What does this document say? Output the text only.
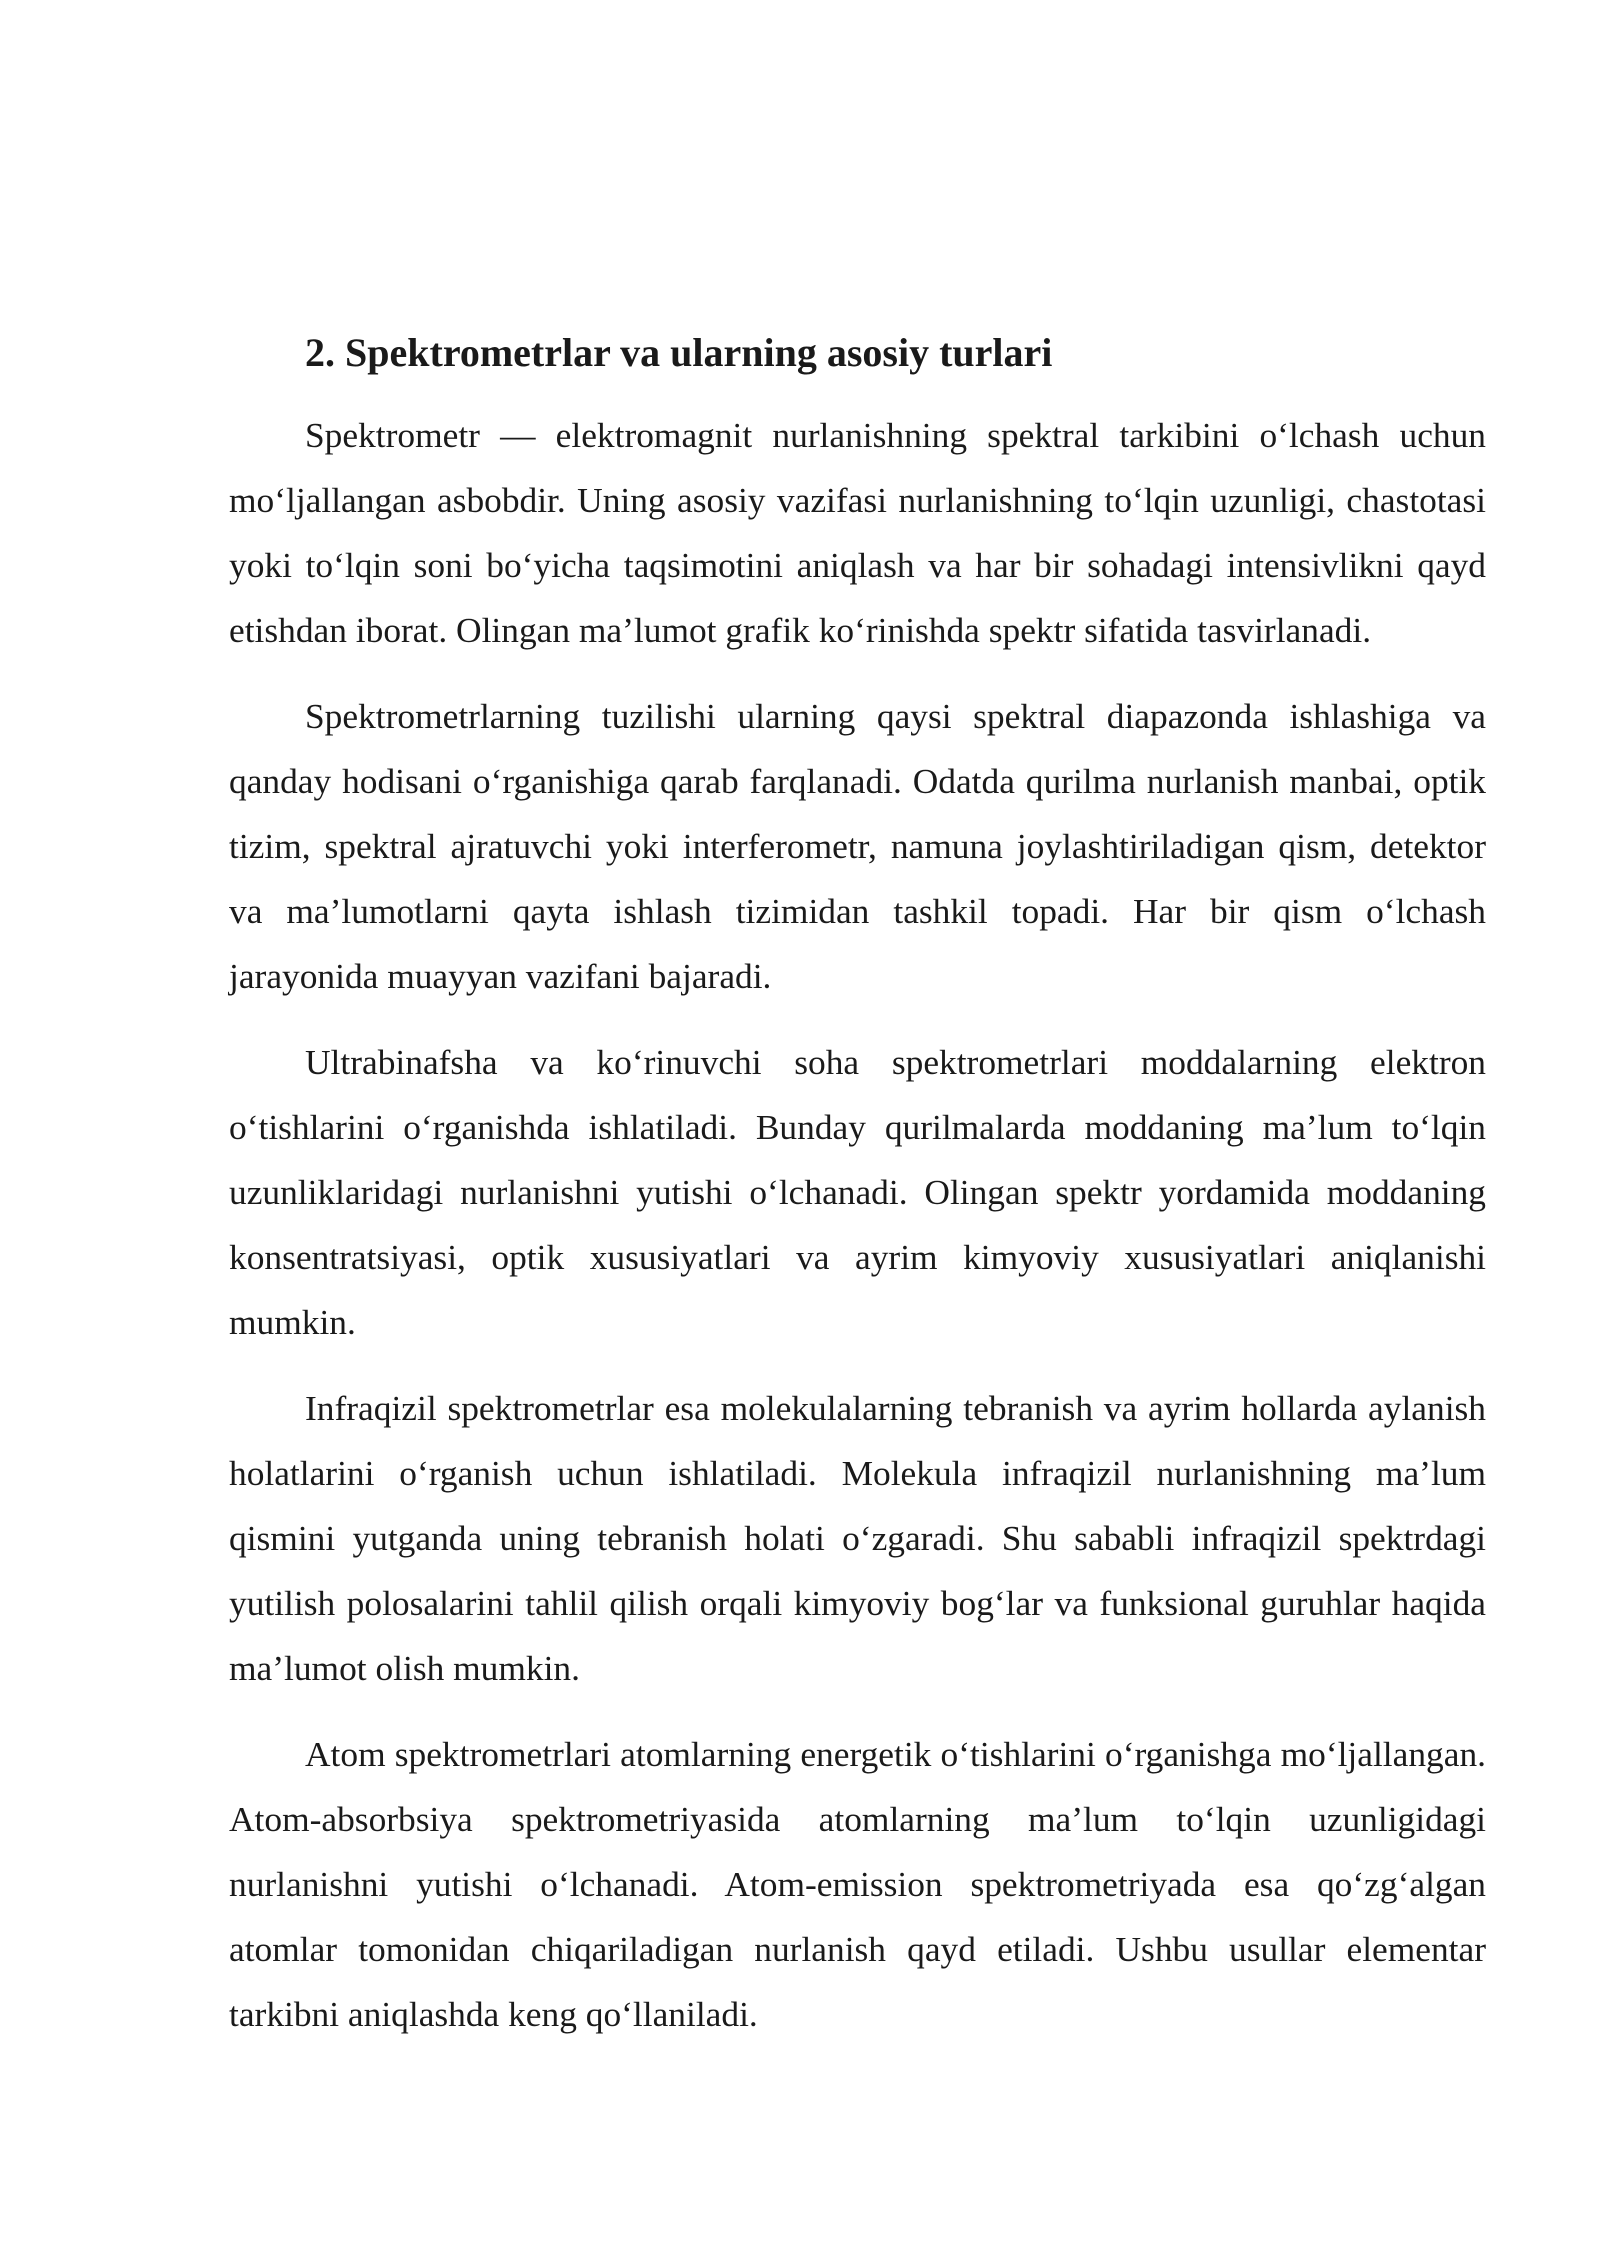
2. Spektrometrlar va ularning asosiy turlari

Spektrometr — elektromagnit nurlanishning spektral tarkibini o‘lchash uchun mo‘ljallangan asbobdir. Uning asosiy vazifasi nurlanishning to‘lqin uzunligi, chastotasi yoki to‘lqin soni bo‘yicha taqsimotini aniqlash va har bir sohadagi intensivlikni qayd etishdan iborat. Olingan ma’lumot grafik ko‘rinishda spektr sifatida tasvirlanadi.

Spektrometrlarning tuzilishi ularning qaysi spektral diapazonda ishlashiga va qanday hodisani o‘rganishiga qarab farqlanadi. Odatda qurilma nurlanish manbai, optik tizim, spektral ajratuvchi yoki interferometr, namuna joylashtiriladigan qism, detektor va ma’lumotlarni qayta ishlash tizimidan tashkil topadi. Har bir qism o‘lchash jarayonida muayyan vazifani bajaradi.

Ultrabinafsha va ko‘rinuvchi soha spektrometrlari moddalarning elektron o‘tishlarini o‘rganishda ishlatiladi. Bunday qurilmalarda moddaning ma’lum to‘lqin uzunliklaridagi nurlanishni yutishi o‘lchanadi. Olingan spektr yordamida moddaning konsentratsiyasi, optik xususiyatlari va ayrim kimyoviy xususiyatlari aniqlanishi mumkin.

Infraqizil spektrometrlar esa molekulalarning tebranish va ayrim hollarda aylanish holatlarini o‘rganish uchun ishlatiladi. Molekula infraqizil nurlanishning ma’lum qismini yutganda uning tebranish holati o‘zgaradi. Shu sababli infraqizil spektrdagi yutilish polosalarini tahlil qilish orqali kimyoviy bog‘lar va funksional guruhlar haqida ma’lumot olish mumkin.

Atom spektrometrlari atomlarning energetik o‘tishlarini o‘rganishga mo‘ljallangan. Atom-absorbsiya spektrometriyasida atomlarning ma’lum to‘lqin uzunligidagi nurlanishni yutishi o‘lchanadi. Atom-emission spektrometriyada esa qo‘zg‘algan atomlar tomonidan chiqariladigan nurlanish qayd etiladi. Ushbu usullar elementar tarkibni aniqlashda keng qo‘llaniladi.
